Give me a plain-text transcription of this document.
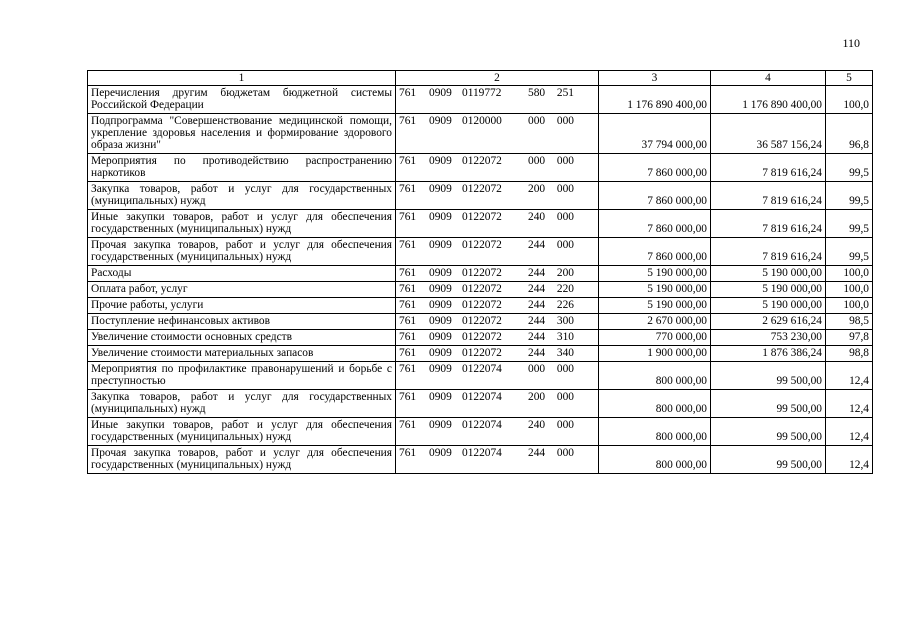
110
1	2	3	4	5
Перечисления другим бюджетам бюджетной системы Российской Федерации	761 0909 0119772 580 251	1 176 890 400,00	1 176 890 400,00	100,0
Подпрограмма "Совершенствование медицинской помощи, укрепление здоровья населения и формирование здорового образа жизни"	761 0909 0120000 000 000	37 794 000,00	36 587 156,24	96,8
Мероприятия по противодействию распространению наркотиков	761 0909 0122072 000 000	7 860 000,00	7 819 616,24	99,5
Закупка товаров, работ и услуг для государственных (муниципальных) нужд	761 0909 0122072 200 000	7 860 000,00	7 819 616,24	99,5
Иные закупки товаров, работ и услуг для обеспечения государственных (муниципальных) нужд	761 0909 0122072 240 000	7 860 000,00	7 819 616,24	99,5
Прочая закупка товаров, работ и услуг для обеспечения государственных (муниципальных) нужд	761 0909 0122072 244 000	7 860 000,00	7 819 616,24	99,5
Расходы	761 0909 0122072 244 200	5 190 000,00	5 190 000,00	100,0
Оплата работ, услуг	761 0909 0122072 244 220	5 190 000,00	5 190 000,00	100,0
Прочие работы, услуги	761 0909 0122072 244 226	5 190 000,00	5 190 000,00	100,0
Поступление нефинансовых активов	761 0909 0122072 244 300	2 670 000,00	2 629 616,24	98,5
Увеличение стоимости основных средств	761 0909 0122072 244 310	770 000,00	753 230,00	97,8
Увеличение стоимости материальных запасов	761 0909 0122072 244 340	1 900 000,00	1 876 386,24	98,8
Мероприятия по профилактике правонарушений и борьбе с преступностью	761 0909 0122074 000 000	800 000,00	99 500,00	12,4
Закупка товаров, работ и услуг для государственных (муниципальных) нужд	761 0909 0122074 200 000	800 000,00	99 500,00	12,4
Иные закупки товаров, работ и услуг для обеспечения государственных (муниципальных) нужд	761 0909 0122074 240 000	800 000,00	99 500,00	12,4
Прочая закупка товаров, работ и услуг для обеспечения государственных (муниципальных) нужд	761 0909 0122074 244 000	800 000,00	99 500,00	12,4
